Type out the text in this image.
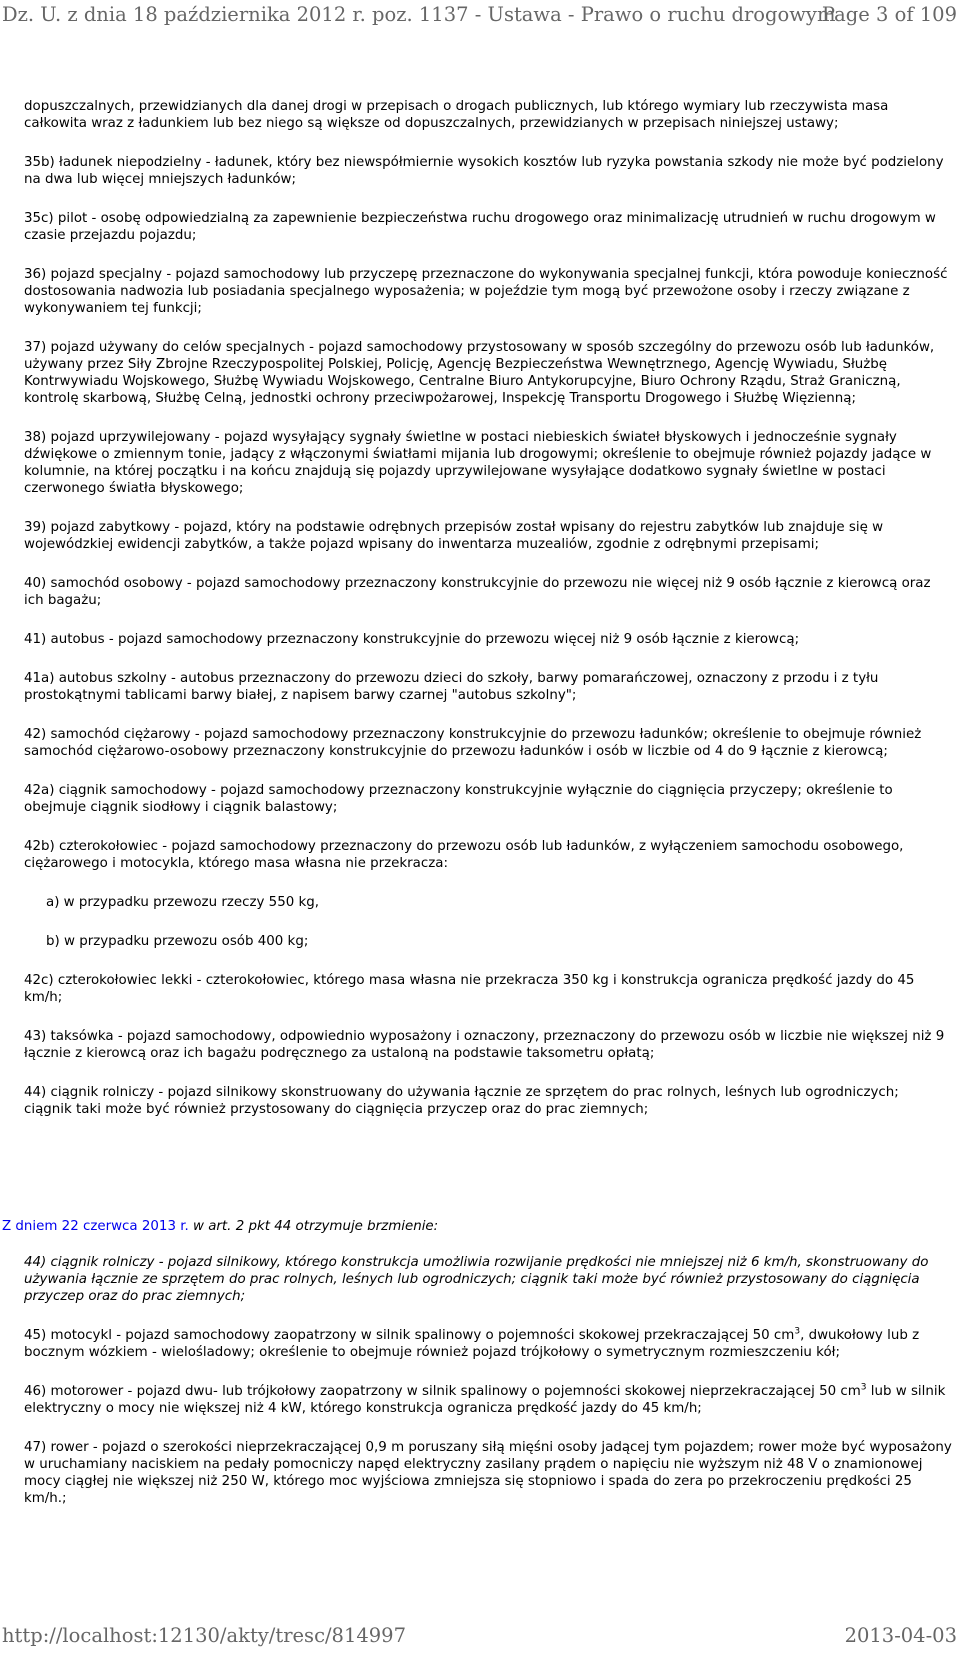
Dz. U. z dnia 18 października 2012 r. poz. 1137 - Ustawa - Prawo o ruchu drogowym
Page 3 of 109

dopuszczalnych, przewidzianych dla danej drogi w przepisach o drogach publicznych, lub którego wymiary lub rzeczywista masa całkowita wraz z ładunkiem lub bez niego są większe od dopuszczalnych, przewidzianych w przepisach niniejszej ustawy;

35b) ładunek niepodzielny - ładunek, który bez niewspółmiernie wysokich kosztów lub ryzyka powstania szkody nie może być podzielony na dwa lub więcej mniejszych ładunków;

35c) pilot - osobę odpowiedzialną za zapewnienie bezpieczeństwa ruchu drogowego oraz minimalizację utrudnień w ruchu drogowym w czasie przejazdu pojazdu;

36) pojazd specjalny - pojazd samochodowy lub przyczepę przeznaczone do wykonywania specjalnej funkcji, która powoduje konieczność dostosowania nadwozia lub posiadania specjalnego wyposażenia; w pojeździe tym mogą być przewożone osoby i rzeczy związane z wykonywaniem tej funkcji;

37) pojazd używany do celów specjalnych - pojazd samochodowy przystosowany w sposób szczególny do przewozu osób lub ładunków, używany przez Siły Zbrojne Rzeczypospolitej Polskiej, Policję, Agencję Bezpieczeństwa Wewnętrznego, Agencję Wywiadu, Służbę Kontrwywiadu Wojskowego, Służbę Wywiadu Wojskowego, Centralne Biuro Antykorupcyjne, Biuro Ochrony Rządu, Straż Graniczną, kontrolę skarbową, Służbę Celną, jednostki ochrony przeciwpożarowej, Inspekcję Transportu Drogowego i Służbę Więzienną;

38) pojazd uprzywilejowany - pojazd wysyłający sygnały świetlne w postaci niebieskich świateł błyskowych i jednocześnie sygnały dźwiękowe o zmiennym tonie, jadący z włączonymi światłami mijania lub drogowymi; określenie to obejmuje również pojazdy jadące w kolumnie, na której początku i na końcu znajdują się pojazdy uprzywilejowane wysyłające dodatkowo sygnały świetlne w postaci czerwonego światła błyskowego;

39) pojazd zabytkowy - pojazd, który na podstawie odrębnych przepisów został wpisany do rejestru zabytków lub znajduje się w wojewódzkiej ewidencji zabytków, a także pojazd wpisany do inwentarza muzealiów, zgodnie z odrębnymi przepisami;

40) samochód osobowy - pojazd samochodowy przeznaczony konstrukcyjnie do przewozu nie więcej niż 9 osób łącznie z kierowcą oraz ich bagażu;

41) autobus - pojazd samochodowy przeznaczony konstrukcyjnie do przewozu więcej niż 9 osób łącznie z kierowcą;

41a) autobus szkolny - autobus przeznaczony do przewozu dzieci do szkoły, barwy pomarańczowej, oznaczony z przodu i z tyłu prostokątnymi tablicami barwy białej, z napisem barwy czarnej "autobus szkolny";

42) samochód ciężarowy - pojazd samochodowy przeznaczony konstrukcyjnie do przewozu ładunków; określenie to obejmuje również samochód ciężarowo-osobowy przeznaczony konstrukcyjnie do przewozu ładunków i osób w liczbie od 4 do 9 łącznie z kierowcą;

42a) ciągnik samochodowy - pojazd samochodowy przeznaczony konstrukcyjnie wyłącznie do ciągnięcia przyczepy; określenie to obejmuje ciągnik siodłowy i ciągnik balastowy;

42b) czterokołowiec - pojazd samochodowy przeznaczony do przewozu osób lub ładunków, z wyłączeniem samochodu osobowego, ciężarowego i motocykla, którego masa własna nie przekracza:

a) w przypadku przewozu rzeczy 550 kg,

b) w przypadku przewozu osób 400 kg;

42c) czterokołowiec lekki - czterokołowiec, którego masa własna nie przekracza 350 kg i konstrukcja ogranicza prędkość jazdy do 45 km/h;

43) taksówka - pojazd samochodowy, odpowiednio wyposażony i oznaczony, przeznaczony do przewozu osób w liczbie nie większej niż 9 łącznie z kierowcą oraz ich bagażu podręcznego za ustaloną na podstawie taksometru opłatą;

44) ciągnik rolniczy - pojazd silnikowy skonstruowany do używania łącznie ze sprzętem do prac rolnych, leśnych lub ogrodniczych; ciągnik taki może być również przystosowany do ciągnięcia przyczep oraz do prac ziemnych;

Z dniem 22 czerwca 2013 r. w art. 2 pkt 44 otrzymuje brzmienie:

44) ciągnik rolniczy - pojazd silnikowy, którego konstrukcja umożliwia rozwijanie prędkości nie mniejszej niż 6 km/h, skonstruowany do używania łącznie ze sprzętem do prac rolnych, leśnych lub ogrodniczych; ciągnik taki może być również przystosowany do ciągnięcia przyczep oraz do prac ziemnych;

45) motocykl - pojazd samochodowy zaopatrzony w silnik spalinowy o pojemności skokowej przekraczającej 50 $cm^3$, dwukołowy lub z bocznym wózkiem - wielośladowy; określenie to obejmuje również pojazd trójkołowy o symetrycznym rozmieszczeniu kół;

46) motorower - pojazd dwu- lub trójkołowy zaopatrzony w silnik spalinowy o pojemności skokowej nieprzekraczającej 50 $cm^3$ lub w silnik elektryczny o mocy nie większej niż 4 kW, którego konstrukcja ogranicza prędkość jazdy do 45 km/h;

47) rower - pojazd o szerokości nieprzekraczającej 0,9 m poruszany siłą mięśni osoby jadącej tym pojazdem; rower może być wyposażony w uruchamiany naciskiem na pedały pomocniczy napęd elektryczny zasilany prądem o napięciu nie wyższym niż 48 V o znamionowej mocy ciągłej nie większej niż 250 W, którego moc wyjściowa zmniejsza się stopniowo i spada do zera po przekroczeniu prędkości 25 km/h.;

http://localhost:12130/akty/tresc/814997	2013-04-03
